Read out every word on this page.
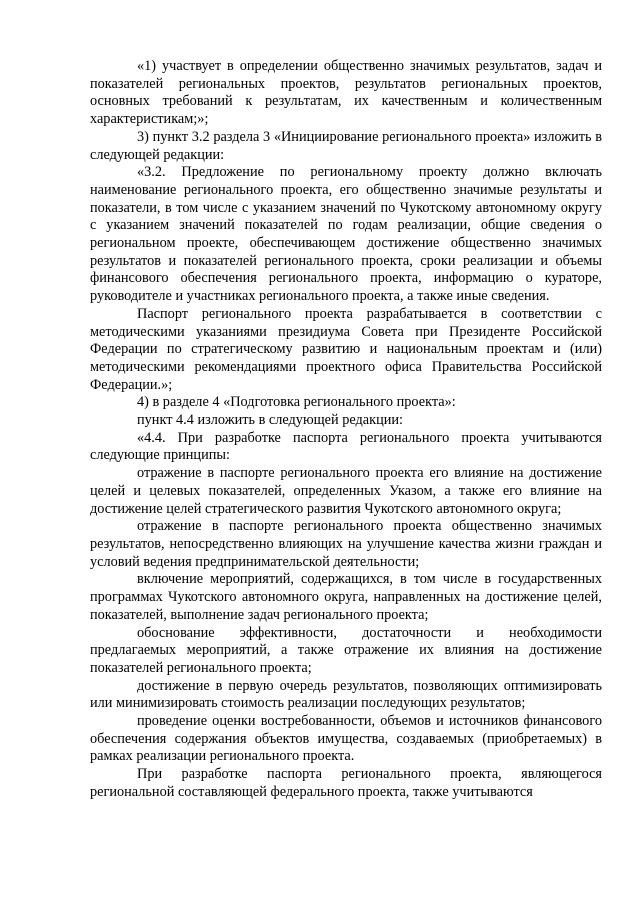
«1) участвует в определении общественно значимых результатов, задач и показателей региональных проектов, результатов региональных проектов, основных требований к результатам, их качественным и количественным характеристикам;»;

3) пункт 3.2 раздела 3 «Инициирование регионального проекта» изложить в следующей редакции:

«3.2. Предложение по региональному проекту должно включать наименование регионального проекта, его общественно значимые результаты и показатели, в том числе с указанием значений по Чукотскому автономному округу с указанием значений показателей по годам реализации, общие сведения о региональном проекте, обеспечивающем достижение общественно значимых результатов и показателей регионального проекта, сроки реализации и объемы финансового обеспечения регионального проекта, информацию о кураторе, руководителе и участниках регионального проекта, а также иные сведения.

Паспорт регионального проекта разрабатывается в соответствии с методическими указаниями президиума Совета при Президенте Российской Федерации по стратегическому развитию и национальным проектам и (или) методическими рекомендациями проектного офиса Правительства Российской Федерации.»;

4) в разделе 4 «Подготовка регионального проекта»:

пункт 4.4 изложить в следующей редакции:

«4.4. При разработке паспорта регионального проекта учитываются следующие принципы:

отражение в паспорте регионального проекта его влияние на достижение целей и целевых показателей, определенных Указом, а также его влияние на достижение целей стратегического развития Чукотского автономного округа;

отражение в паспорте регионального проекта общественно значимых результатов, непосредственно влияющих на улучшение качества жизни граждан и условий ведения предпринимательской деятельности;

включение мероприятий, содержащихся, в том числе в государственных программах Чукотского автономного округа, направленных на достижение целей, показателей, выполнение задач регионального проекта;

обоснование эффективности, достаточности и необходимости предлагаемых мероприятий, а также отражение их влияния на достижение показателей регионального проекта;

достижение в первую очередь результатов, позволяющих оптимизировать или минимизировать стоимость реализации последующих результатов;

проведение оценки востребованности, объемов и источников финансового обеспечения содержания объектов имущества, создаваемых (приобретаемых) в рамках реализации регионального проекта.

При разработке паспорта регионального проекта, являющегося региональной составляющей федерального проекта, также учитываются
